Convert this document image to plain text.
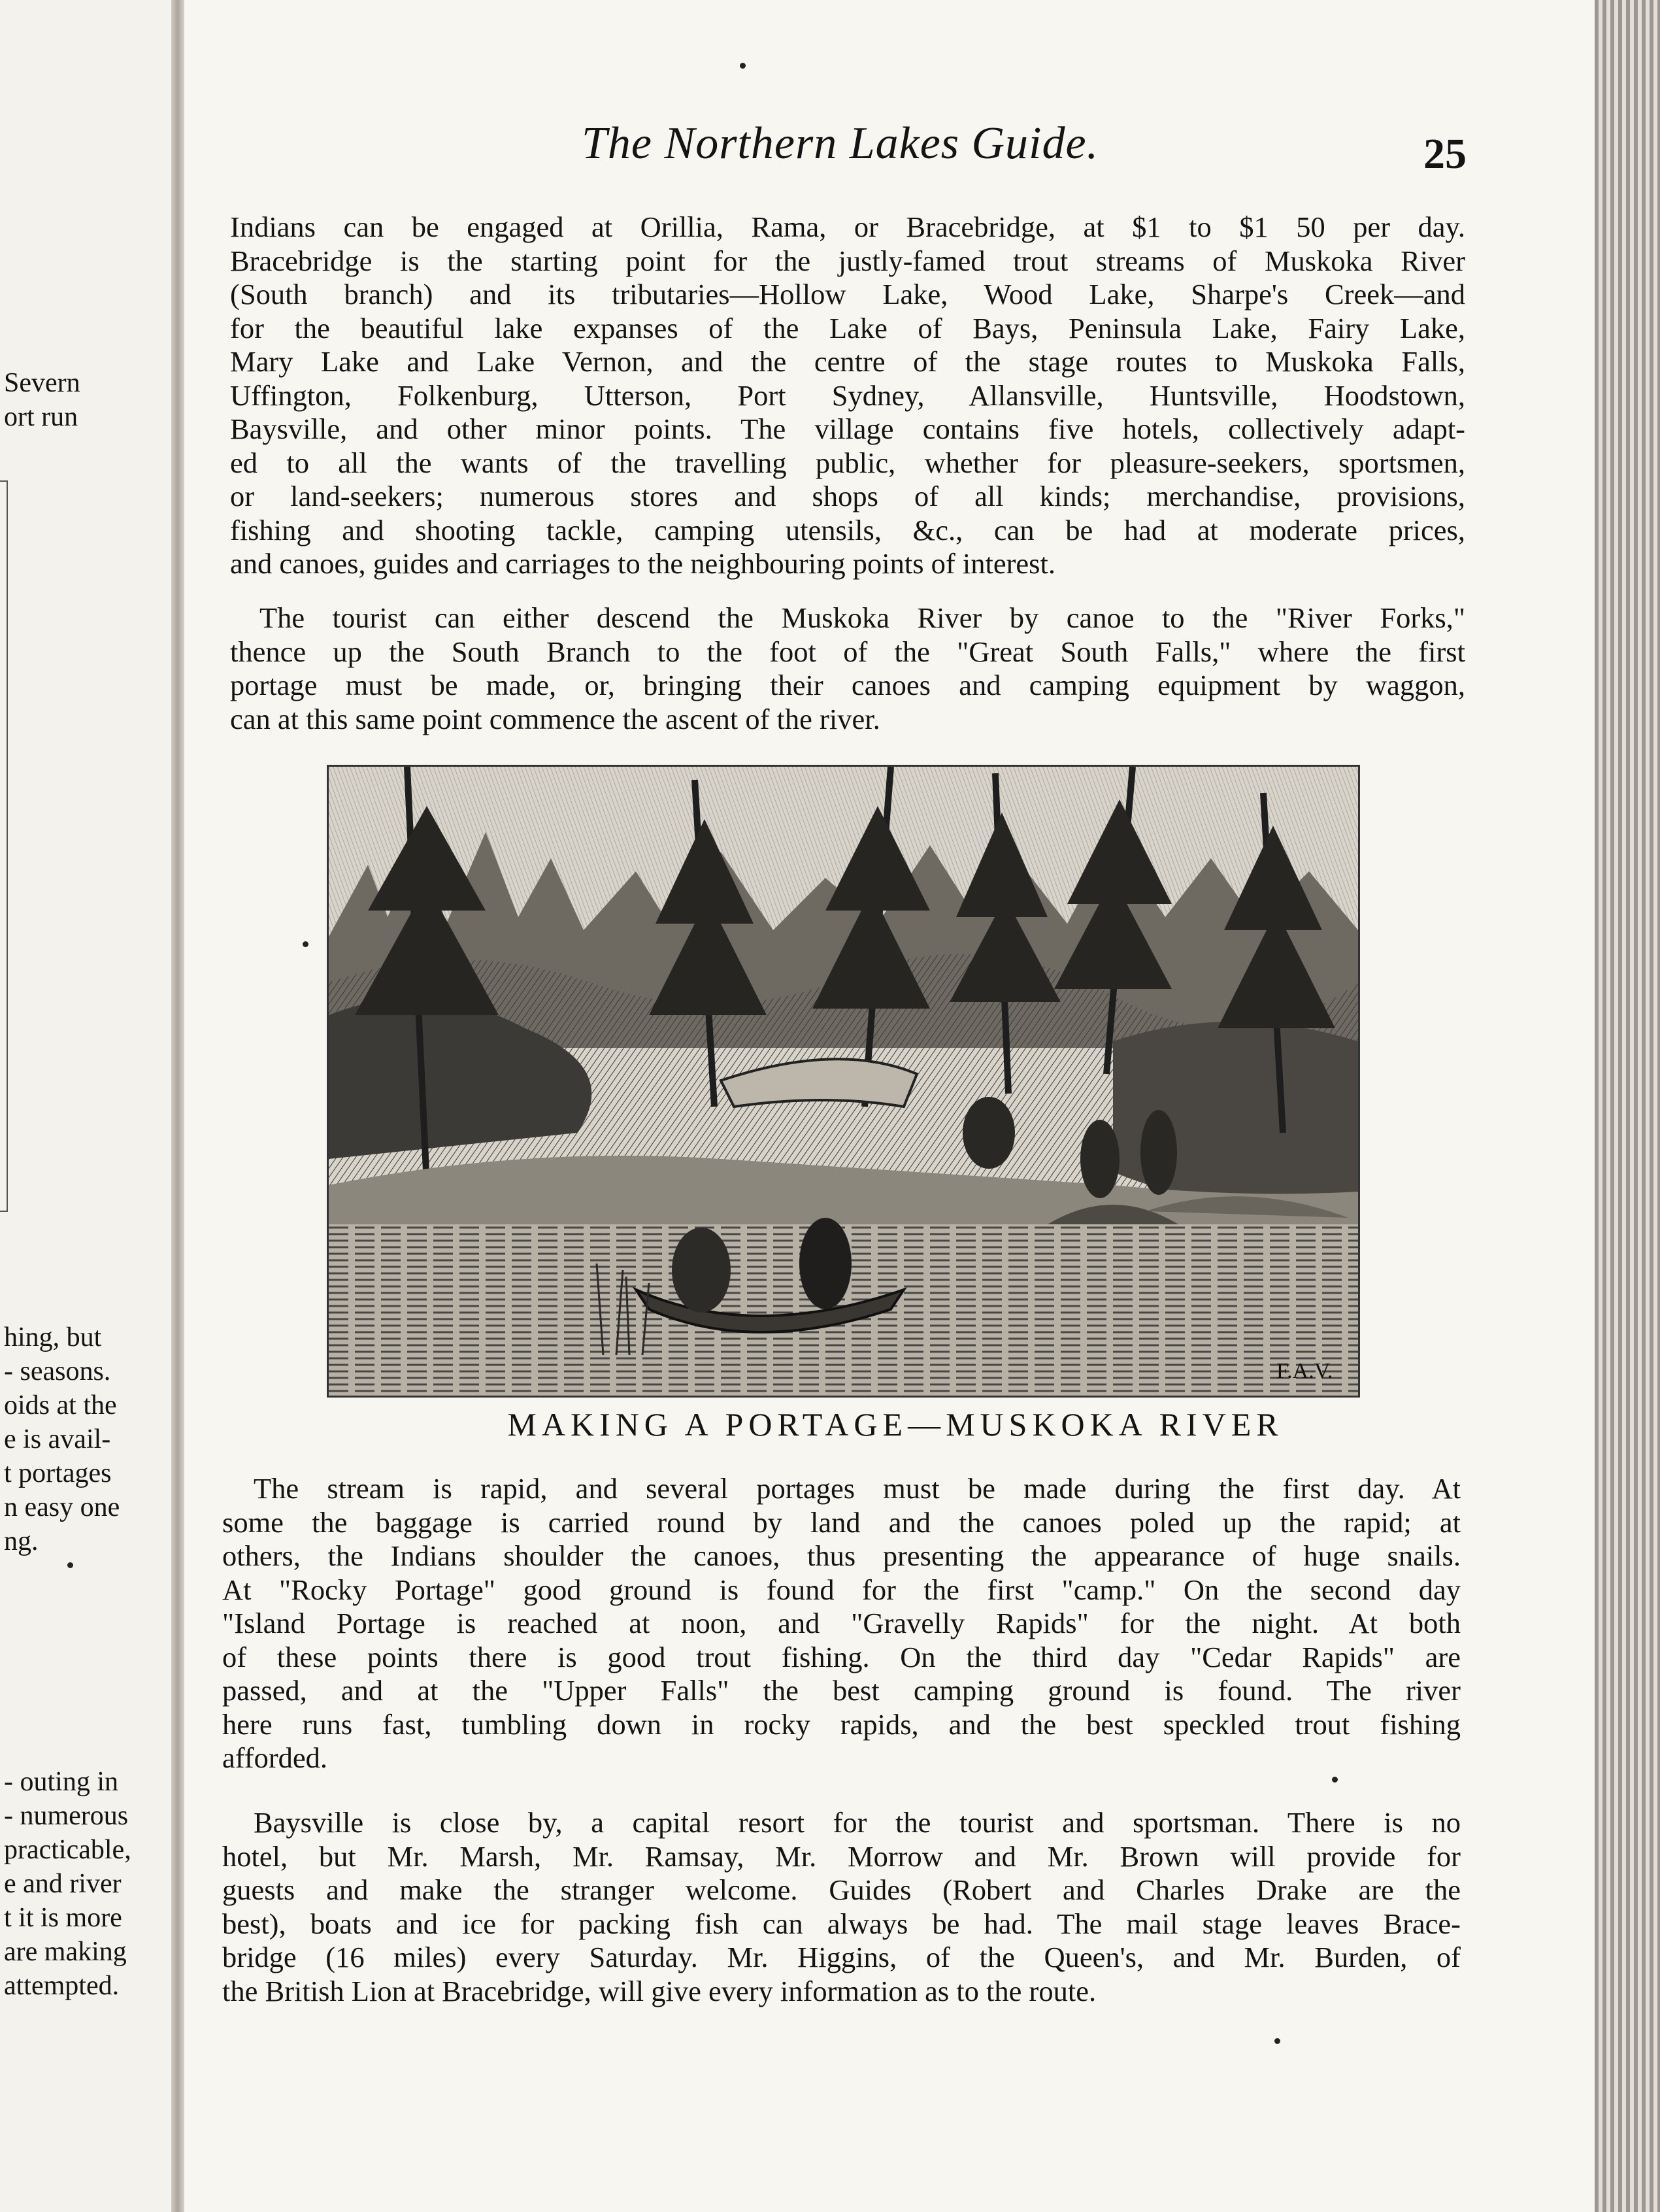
Severn
ort run
hing, but
- seasons.
oids at the
e is avail-
t portages
n easy one
ng.
- outing in
- numerous
practicable,
e and river
t it is more
are making
attempted.
The Northern Lakes Guide.	25
Indians can be engaged at Orillia, Rama, or Bracebridge, at $1 to $1 50 per day.
Bracebridge is the starting point for the justly-famed trout streams of Muskoka River
(South branch) and its tributaries—Hollow Lake, Wood Lake, Sharpe's Creek—and
for the beautiful lake expanses of the Lake of Bays, Peninsula Lake, Fairy Lake,
Mary Lake and Lake Vernon, and the centre of the stage routes to Muskoka Falls,
Uffington, Folkenburg, Utterson, Port Sydney, Allansville, Huntsville, Hoodstown,
Baysville, and other minor points. The village contains five hotels, collectively adapt-
ed to all the wants of the travelling public, whether for pleasure-seekers, sportsmen,
or land-seekers; numerous stores and shops of all kinds; merchandise, provisions,
fishing and shooting tackle, camping utensils, &c., can be had at moderate prices,
and canoes, guides and carriages to the neighbouring points of interest.
The tourist can either descend the Muskoka River by canoe to the "River Forks,"
thence up the South Branch to the foot of the "Great South Falls," where the first
portage must be made, or, bringing their canoes and camping equipment by waggon,
can at this same point commence the ascent of the river.
F.A.V.
MAKING A PORTAGE—MUSKOKA RIVER
The stream is rapid, and several portages must be made during the first day. At
some the baggage is carried round by land and the canoes poled up the rapid; at
others, the Indians shoulder the canoes, thus presenting the appearance of huge snails.
At "Rocky Portage" good ground is found for the first "camp." On the second day
"Island Portage is reached at noon, and "Gravelly Rapids" for the night. At both
of these points there is good trout fishing. On the third day "Cedar Rapids" are
passed, and at the "Upper Falls" the best camping ground is found. The river
here runs fast, tumbling down in rocky rapids, and the best speckled trout fishing
afforded.
Baysville is close by, a capital resort for the tourist and sportsman. There is no
hotel, but Mr. Marsh, Mr. Ramsay, Mr. Morrow and Mr. Brown will provide for
guests and make the stranger welcome. Guides (Robert and Charles Drake are the
best), boats and ice for packing fish can always be had. The mail stage leaves Brace-
bridge (16 miles) every Saturday. Mr. Higgins, of the Queen's, and Mr. Burden, of
the British Lion at Bracebridge, will give every information as to the route.
